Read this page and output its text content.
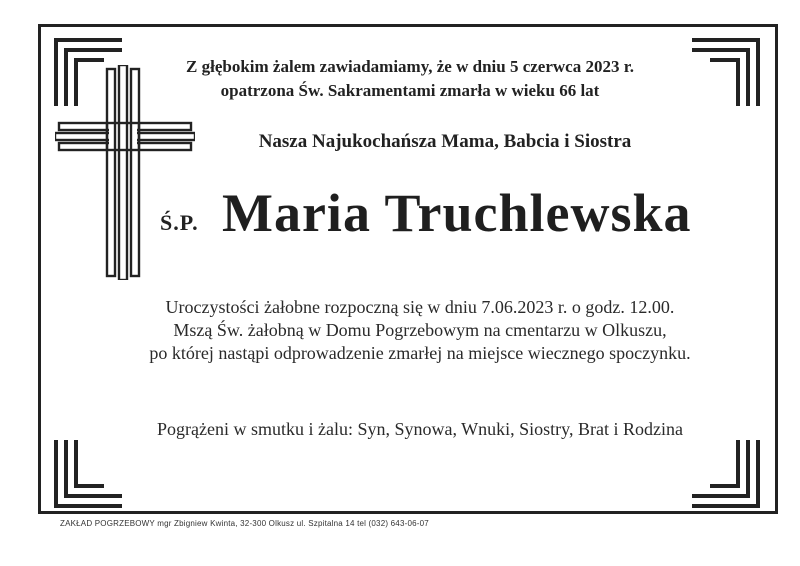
Z głębokim żalem zawiadamiamy, że w dniu 5 czerwca 2023 r.
opatrzona Św. Sakramentami zmarła w wieku 66 lat
Nasza Najukochańsza Mama, Babcia i Siostra
Ś.P. Maria Truchlewska
Uroczystości żałobne rozpoczną się w dniu 7.06.2023 r. o godz. 12.00.
Mszą Św. żałobną w Domu Pogrzebowym na cmentarzu w Olkuszu,
po której nastąpi odprowadzenie zmarłej na miejsce wiecznego spoczynku.
Pogrążeni w smutku i żalu: Syn, Synowa, Wnuki, Siostry, Brat i Rodzina
ZAKŁAD POGRZEBOWY mgr Zbigniew Kwinta, 32-300 Olkusz ul. Szpitalna 14 tel (032) 643-06-07
